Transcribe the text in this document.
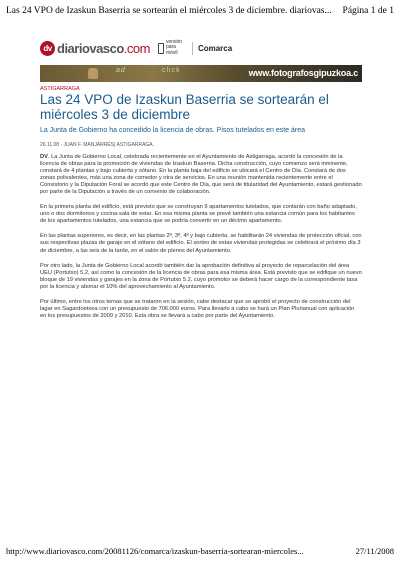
Las 24 VPO de Izaskun Baserria se sortearán el miércoles 3 de diciembre. diariovas... Página 1 de 1
dv diariovasco.com	versión para móvil
Comarca
ad	click	www.fotografosgipuzkoa.c
ASTIGARRAGA
Las 24 VPO de Izaskun Baserria se sortearán el miércoles 3 de diciembre
La Junta de Gobierno ha concedido la licencia de obras. Pisos tutelados en este área
26.11.08 - JUAN F. MANJARRÉS| ASTIGARRAGA.

DV. La Junta de Gobierno Local, celebrada recientemente en el Ayuntamiento de Astigarraga, acordó la concesión de la licencia de obras para la promoción de viviendas de Izaskun Baserria. Dicha construcción, cuyo comienzo será inminente, constará de 4 plantas y bajo cubierta y sótano. En la planta baja del edificio se ubicará el Centro de Día. Constará de dos zonas polivalentes, más una zona de comedor y otra de servicios. En una reunión mantenida recientemente entre el Consistorio y la Diputación Foral se acordó que este Centro de Día, que será de titularidad del Ayuntamiento, estará gestionado por parte de la Diputación a través de un convenio de colaboración.

En la primera planta del edificio, está previsto que se construyan 9 apartamentos tutelados, que contarán con baño adaptado, uno o dos dormitorios y cocina-sala de estar. En esa misma planta se prevé también una estancia común para los habitantes de los apartamentos tutelados, una estancia que se podría convertir en un décimo apartamento.

En las plantas superiores, es decir, en las plantas 2ª, 3ª, 4ª y bajo cubierta, se habilitarán 24 viviendas de protección oficial, con sus respectivas plazas de garaje en el sótano del edificio. El sorteo de estas viviendas protegidas se celebrará el próximo día 3 de diciembre, a las seis de la tarde, en el salón de plenos del Ayuntamiento.

Por otro lado, la Junta de Gobierno Local acordó también dar la aprobación definitiva al proyecto de reparcelación del área UEU (Portutxo) 5.2, así como la concesión de la licencia de obras para esa misma área. Está previsto que se edifique un nuevo bloque de 19 viviendas y garajes en la zona de Portutxo 5.2, cuyo promotor se deberá hacer cargo de la correspondiente tasa por la licencia y abonar el 10% del aprovechamiento al Ayuntamiento.

Por último, entre los otros temas que se trataron en la sesión, cabe destacar que se aprobó el proyecto de construcción del lagar en Sagardoetxea con un presupuesto de 706.000 euros. Para llevarlo a cabo se hará un Plan Plurianual con aplicación en los presupuestos de 2009 y 2010. Esta obra se llevará a cabo por parte del Ayuntamiento.

http://www.diariovasco.com/20081126/comarca/izaskun-baserria-sortearan-miercoles...	27/11/2008
